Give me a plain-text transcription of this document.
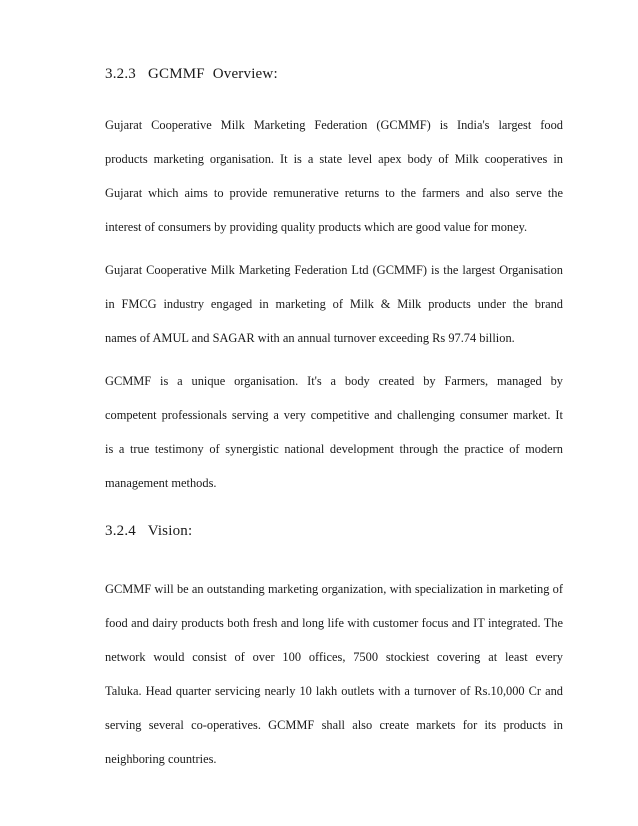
3.2.3 GCMMF  Overview:
Gujarat Cooperative Milk Marketing Federation (GCMMF) is India's largest food
products marketing organisation. It is a state level apex body of Milk cooperatives in
Gujarat which aims to provide remunerative returns to the farmers and also serve the
interest of consumers by providing quality products which are good value for money.
Gujarat Cooperative Milk Marketing Federation Ltd (GCMMF) is the largest Organisation
in FMCG industry engaged in marketing of Milk & Milk products under the brand
names of AMUL and SAGAR with an annual turnover exceeding Rs 97.74 billion.
GCMMF is a unique organisation. It's a body created by Farmers, managed by
competent professionals serving a very competitive and challenging consumer market. It
is a true testimony of synergistic national development through the practice of modern
management methods.
3.2.4 Vision:
GCMMF will be an outstanding marketing organization, with specialization in marketing of
food and dairy products both fresh and long life with customer focus and IT integrated. The
network would consist of over 100 offices, 7500 stockiest covering at least every
Taluka. Head quarter servicing nearly 10 lakh outlets with a turnover of Rs.10,000 Cr and
serving several co-operatives. GCMMF shall also create markets for its products in
neighboring countries.
